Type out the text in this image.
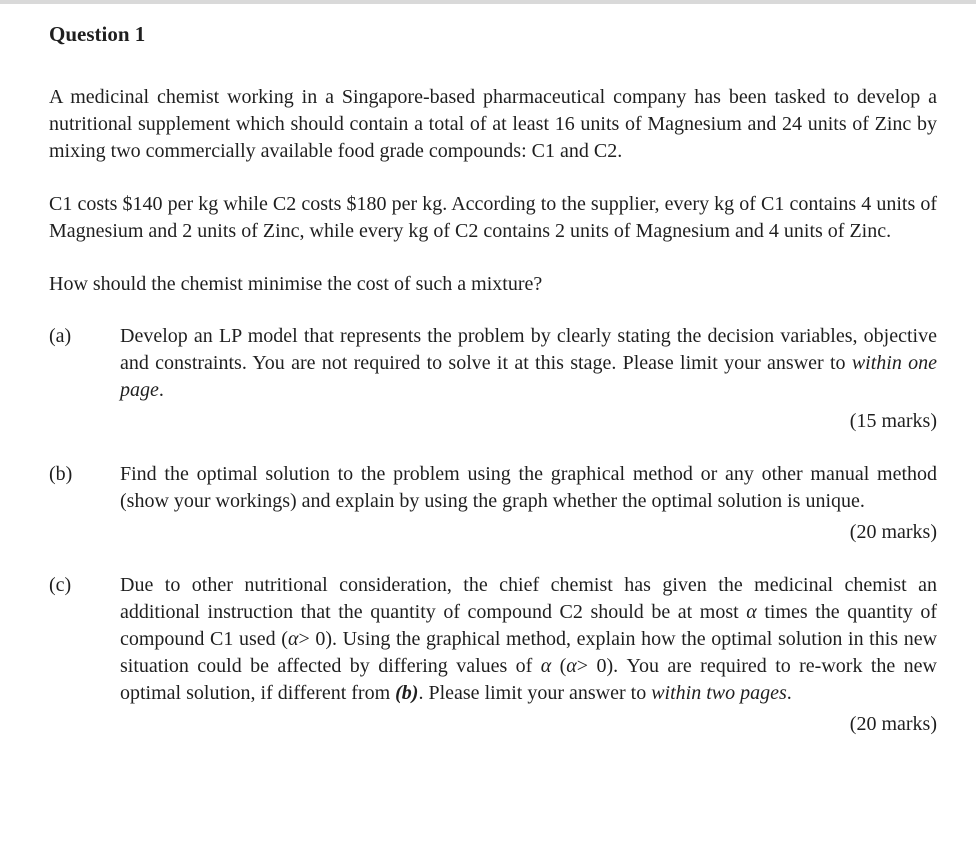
Question 1

A medicinal chemist working in a Singapore-based pharmaceutical company has been tasked to develop a nutritional supplement which should contain a total of at least 16 units of Magnesium and 24 units of Zinc by mixing two commercially available food grade compounds: C1 and C2.

C1 costs $140 per kg while C2 costs $180 per kg. According to the supplier, every kg of C1 contains 4 units of Magnesium and 2 units of Zinc, while every kg of C2 contains 2 units of Magnesium and 4 units of Zinc.

How should the chemist minimise the cost of such a mixture?

(a) Develop an LP model that represents the problem by clearly stating the decision variables, objective and constraints. You are not required to solve it at this stage. Please limit your answer to within one page.
(15 marks)
(b) Find the optimal solution to the problem using the graphical method or any other manual method (show your workings) and explain by using the graph whether the optimal solution is unique.
(20 marks)
(c) Due to other nutritional consideration, the chief chemist has given the medicinal chemist an additional instruction that the quantity of compound C2 should be at most α times the quantity of compound C1 used (α> 0). Using the graphical method, explain how the optimal solution in this new situation could be affected by differing values of α (α> 0). You are required to re-work the new optimal solution, if different from (b). Please limit your answer to within two pages.
(20 marks)
